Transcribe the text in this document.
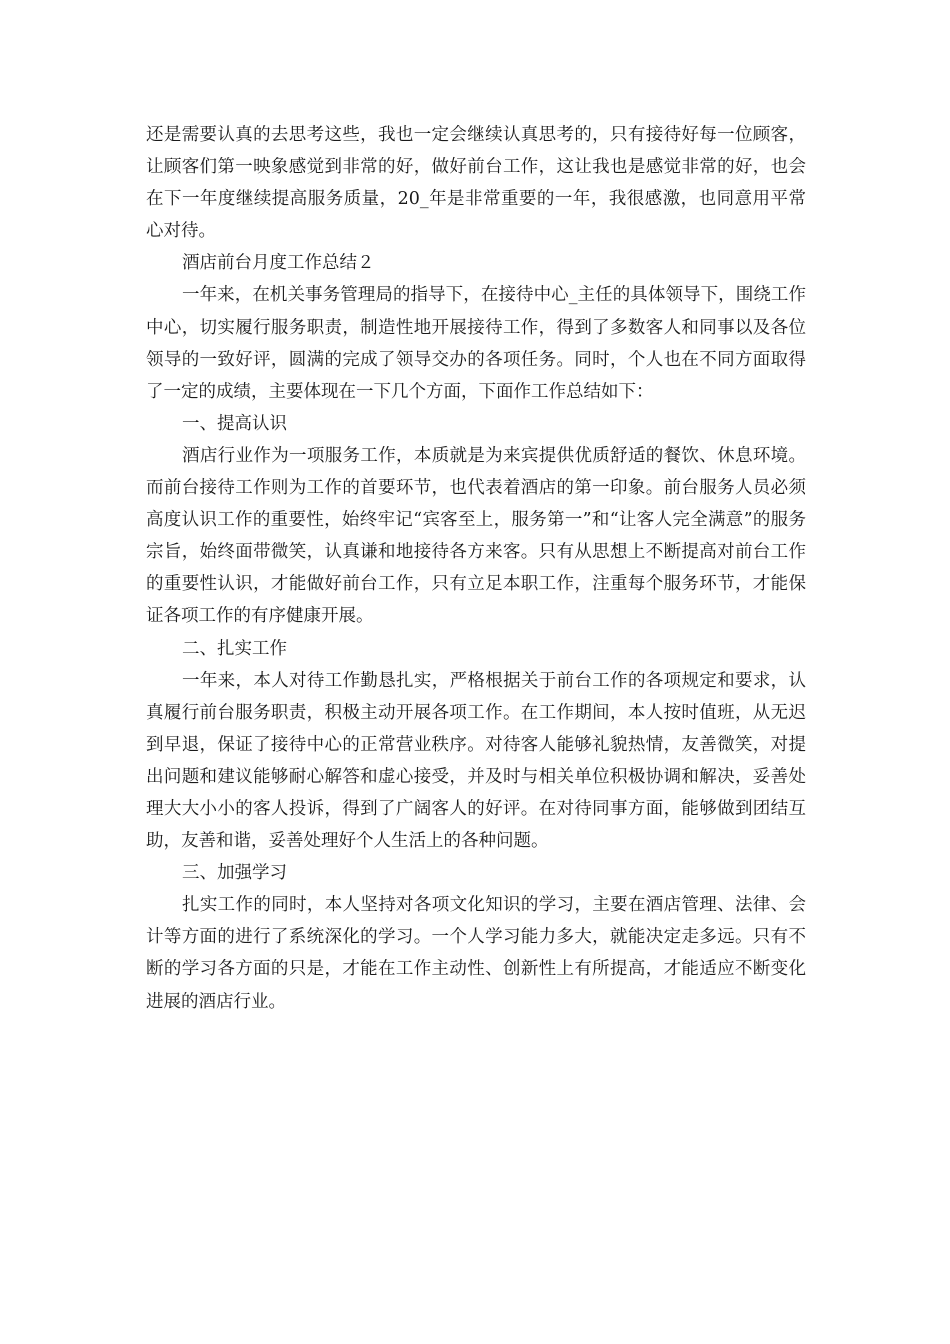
还是需要认真的去思考这些，我也一定会继续认真思考的，只有接待好每一位顾客，让顾客们第一映象感觉到非常的好，做好前台工作，这让我也是感觉非常的好，也会在下一年度继续提高服务质量，20_年是非常重要的一年，我很感激，也同意用平常心对待。

酒店前台月度工作总结２

一年来，在机关事务管理局的指导下，在接待中心_主任的具体领导下，围绕工作中心，切实履行服务职责，制造性地开展接待工作，得到了多数客人和同事以及各位领导的一致好评，圆满的完成了领导交办的各项任务。同时，个人也在不同方面取得了一定的成绩，主要体现在一下几个方面，下面作工作总结如下：

一、提高认识

酒店行业作为一项服务工作，本质就是为来宾提供优质舒适的餐饮、休息环境。而前台接待工作则为工作的首要环节，也代表着酒店的第一印象。前台服务人员必须高度认识工作的重要性，始终牢记“宾客至上，服务第一”和“让客人完全满意”的服务宗旨，始终面带微笑，认真谦和地接待各方来客。只有从思想上不断提高对前台工作的重要性认识，才能做好前台工作，只有立足本职工作，注重每个服务环节，才能保证各项工作的有序健康开展。

二、扎实工作

一年来，本人对待工作勤恳扎实，严格根据关于前台工作的各项规定和要求，认真履行前台服务职责，积极主动开展各项工作。在工作期间，本人按时值班，从无迟到早退，保证了接待中心的正常营业秩序。对待客人能够礼貌热情，友善微笑，对提出问题和建议能够耐心解答和虚心接受，并及时与相关单位积极协调和解决，妥善处理大大小小的客人投诉，得到了广阔客人的好评。在对待同事方面，能够做到团结互助，友善和谐，妥善处理好个人生活上的各种问题。

三、加强学习

扎实工作的同时，本人坚持对各项文化知识的学习，主要在酒店管理、法律、会计等方面的进行了系统深化的学习。一个人学习能力多大，就能决定走多远。只有不断的学习各方面的只是，才能在工作主动性、创新性上有所提高，才能适应不断变化进展的酒店行业。
